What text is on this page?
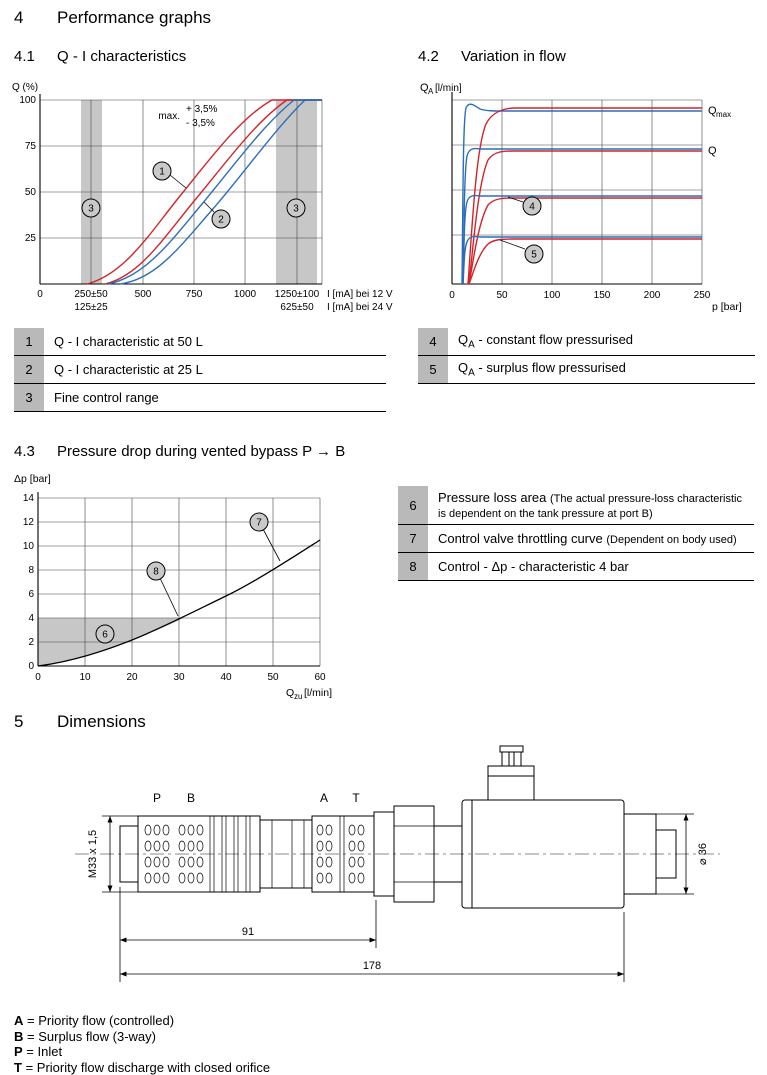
4	Performance graphs
4.1	Q - I characteristics	4.2	Variation in flow
1
2
3	3
max.
+ 3,5%
- 3,5%
Q (%)
100
75
50
25
0	250±50	500	750	1000 1250±100
125±25	625±50
I [mA] bei 12 V
I [mA] bei 24 V
4
5
Q A [l/min]
Q max
Q
0	50	100	150	200	250
p [bar]
1	Q - I characteristic at 50 L
2	Q - I characteristic at 25 L
3	Fine control range
4	$Q_A$ - constant flow pressurised
5	$Q_A$ - surplus flow pressurised
4.3	Pressure drop during vented bypass P → B
6
7
8
Δp [bar]
14
12
10
8
6
4
2
0
0	10	20	30	40	50	60
Q zu [l/min]
6	Pressure loss area (The actual pressure-loss characteristic is dependent on the tank pressure at port B)
7	Control valve throttling curve (Dependent on body used)
8	Control - Δp - characteristic 4 bar
5	Dimensions
P B	A T
M33 x 1,5	⌀ 36
91
178
A = Priority flow (controlled)
B = Surplus flow (3-way)
P = Inlet
T = Priority flow discharge with closed orifice
